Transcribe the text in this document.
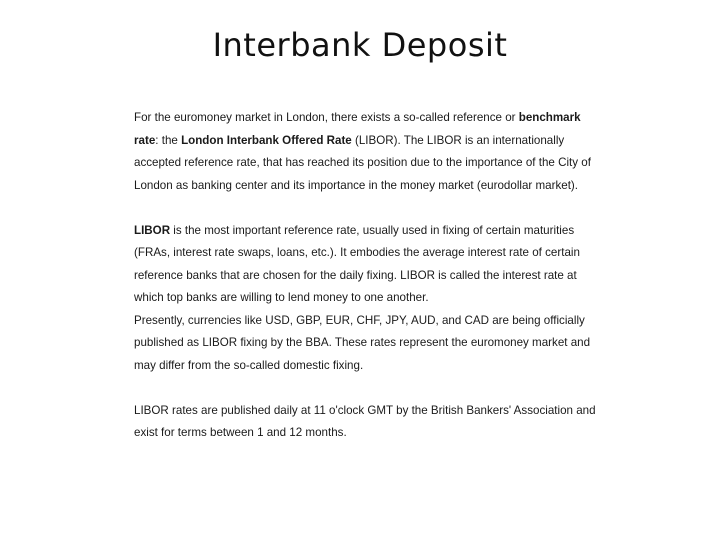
Interbank Deposit

For the euromoney market in London, there exists a so-called reference or benchmark rate: the London Interbank Offered Rate (LIBOR). The LIBOR is an internationally accepted reference rate, that has reached its position due to the importance of the City of London as banking center and its importance in the money market (eurodollar market).

LIBOR is the most important reference rate, usually used in fixing of certain maturities (FRAs, interest rate swaps, loans, etc.). It embodies the average interest rate of certain reference banks that are chosen for the daily fixing. LIBOR is called the interest rate at which top banks are willing to lend money to one another.

Presently, currencies like USD, GBP, EUR, CHF, JPY, AUD, and CAD are being officially published as LIBOR fixing by the BBA. These rates represent the euromoney market and may differ from the so-called domestic fixing.

LIBOR rates are published daily at 11 o'clock GMT by the British Bankers' Association and exist for terms between 1 and 12 months.
